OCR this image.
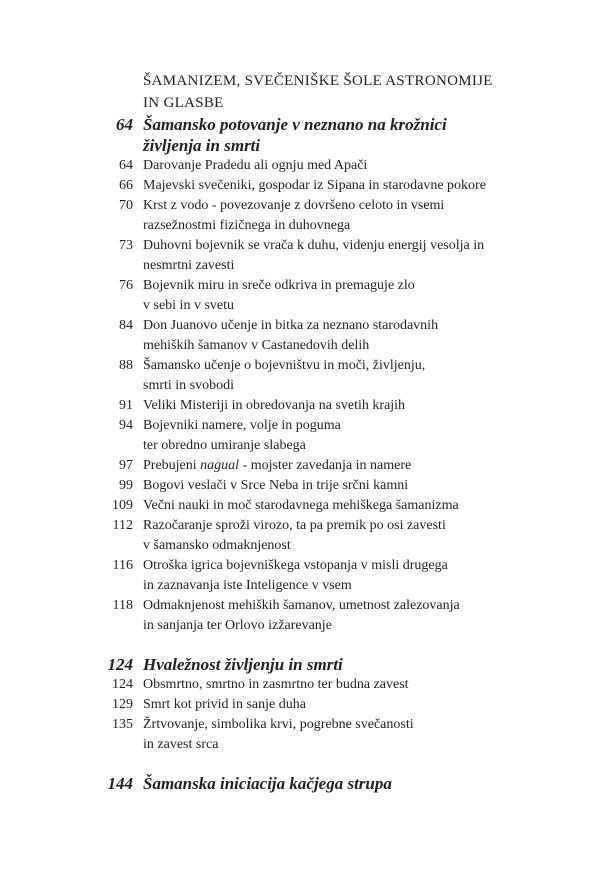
ŠAMANIZEM, SVEČENIŠKE ŠOLE ASTRONOMIJE
IN GLASBE
64 Šamansko potovanje v neznano na krožnici
življenja in smrti
64 Darovanje Pradedu ali ognju med Apači
66 Majevski svečeniki, gospodar iz Sipana in starodavne pokore
70 Krst z vodo - povezovanje z dovršeno celoto in vsemi
razsežnostmi fizičnega in duhovnega
73 Duhovni bojevnik se vrača k duhu, videnju energij vesolja in
nesmrtni zavesti
76 Bojevnik miru in sreče odkriva in premaguje zlo
v sebi in v svetu
84 Don Juanovo učenje in bitka za neznano starodavnih
mehiških šamanov v Castanedovih delih
88 Šamansko učenje o bojevništvu in moči, življenju,
smrti in svobodi
91 Veliki Misteriji in obredovanja na svetih krajih
94 Bojevniki namere, volje in poguma
ter obredno umiranje slabega
97 Prebujeni nagual - mojster zavedanja in namere
99 Bogovi veslači v Srce Neba in trije srčni kamni
109 Večni nauki in moč starodavnega mehiškega šamanizma
112 Razočaranje sproži virozo, ta pa premik po osi zavesti
v šamansko odmaknjenost
116 Otroška igrica bojevniškega vstopanja v misli drugega
in zaznavanja iste Inteligence v vsem
118 Odmaknjenost mehiških šamanov, umetnost zalezovanja
in sanjanja ter Orlovo izžarevanje
124 Hvaležnost življenju in smrti
124 Obsmrtno, smrtno in zasmrtno ter budna zavest
129 Smrt kot privid in sanje duha
135 Žrtvovanje, simbolika krvi, pogrebne svečanosti
in zavest srca
144 Šamanska iniciacija kačjega strupa
